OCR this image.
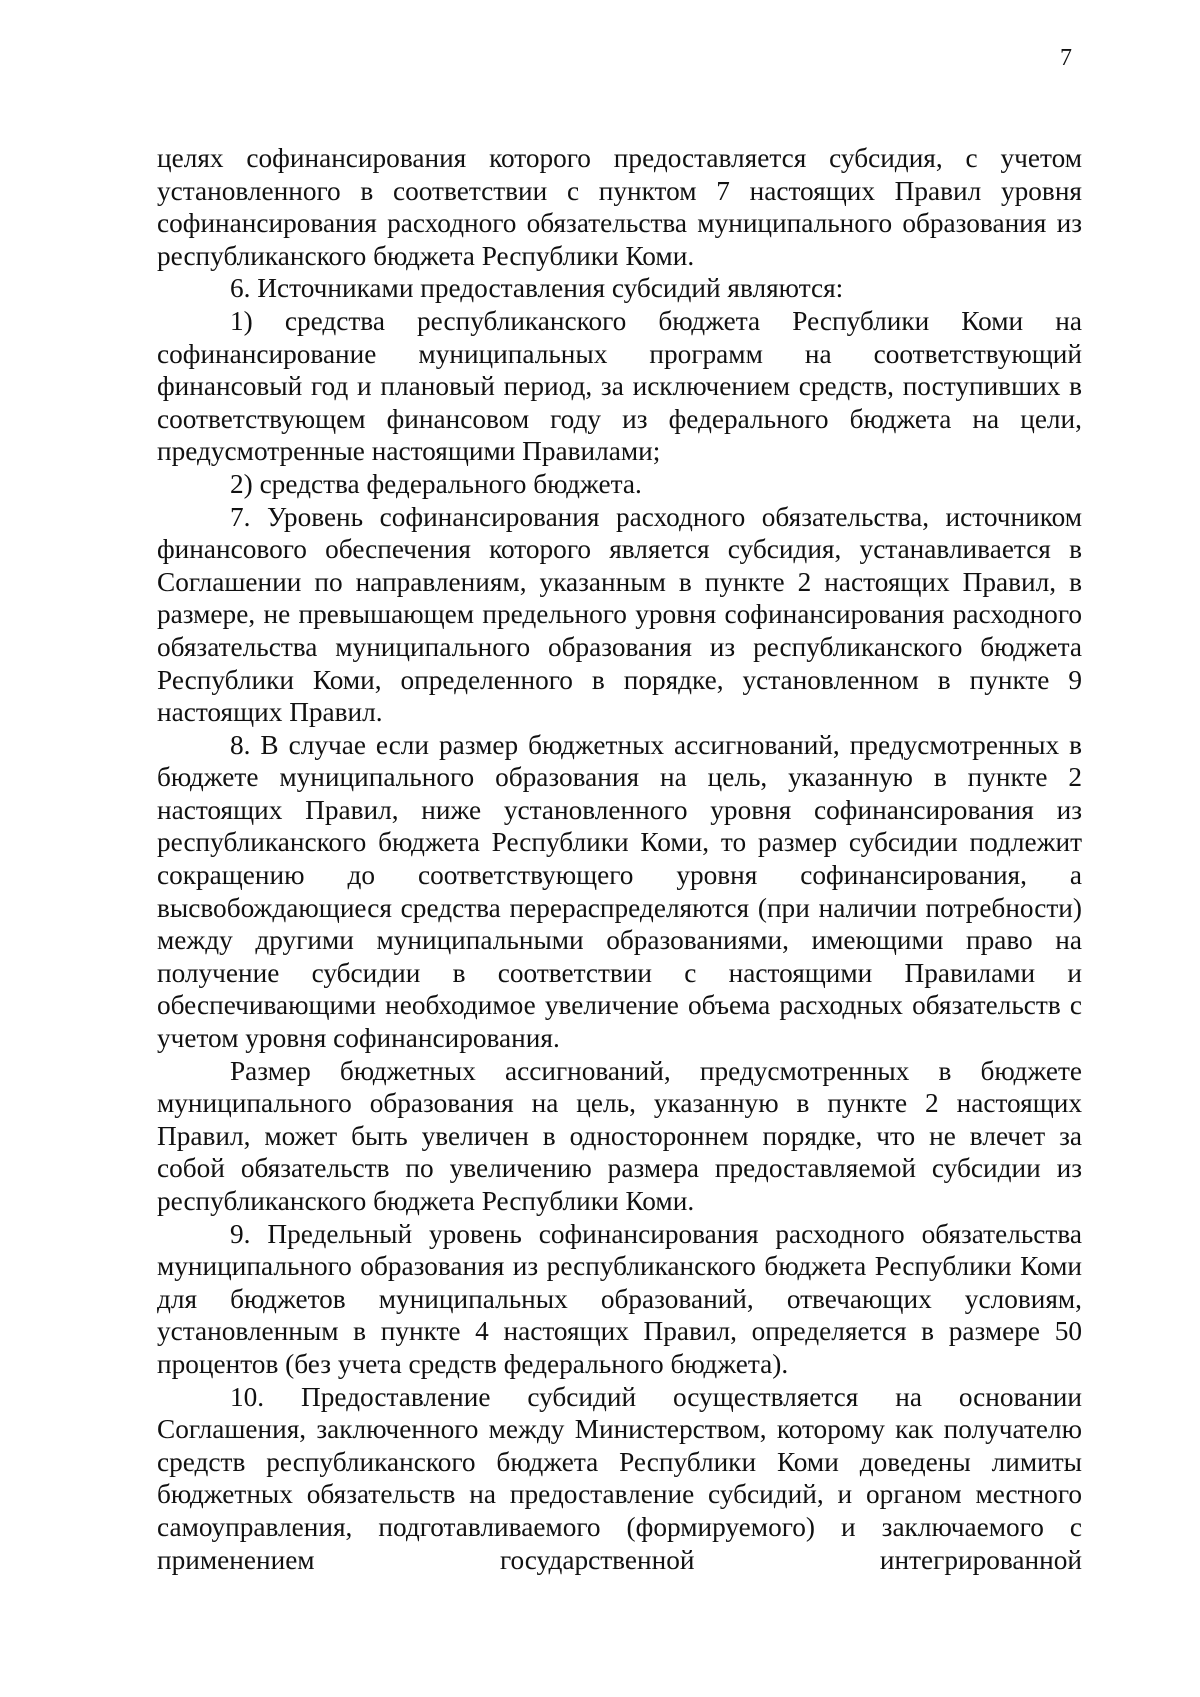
7

целях софинансирования которого предоставляется субсидия, с учетом установленного в соответствии с пунктом 7 настоящих Правил уровня софинансирования расходного обязательства муниципального образования из республиканского бюджета Республики Коми.

6. Источниками предоставления субсидий являются:

1) средства республиканского бюджета Республики Коми на софинансирование муниципальных программ на соответствующий финансовый год и плановый период, за исключением средств, поступивших в соответствующем финансовом году из федерального бюджета на цели, предусмотренные настоящими Правилами;

2) средства федерального бюджета.

7. Уровень софинансирования расходного обязательства, источником финансового обеспечения которого является субсидия, устанавливается в Соглашении по направлениям, указанным в пункте 2 настоящих Правил, в размере, не превышающем предельного уровня софинансирования расходного обязательства муниципального образования из республиканского бюджета Республики Коми, определенного в порядке, установленном в пункте 9 настоящих Правил.

8. В случае если размер бюджетных ассигнований, предусмотренных в бюджете муниципального образования на цель, указанную в пункте 2 настоящих Правил, ниже установленного уровня софинансирования из республиканского бюджета Республики Коми, то размер субсидии подлежит сокращению до соответствующего уровня софинансирования, а высвобождающиеся средства перераспределяются (при наличии потребности) между другими муниципальными образованиями, имеющими право на получение субсидии в соответствии с настоящими Правилами и обеспечивающими необходимое увеличение объема расходных обязательств с учетом уровня софинансирования.

Размер бюджетных ассигнований, предусмотренных в бюджете муниципального образования на цель, указанную в пункте 2 настоящих Правил, может быть увеличен в одностороннем порядке, что не влечет за собой обязательств по увеличению размера предоставляемой субсидии из республиканского бюджета Республики Коми.

9. Предельный уровень софинансирования расходного обязательства муниципального образования из республиканского бюджета Республики Коми для бюджетов муниципальных образований, отвечающих условиям, установленным в пункте 4 настоящих Правил, определяется в размере 50 процентов (без учета средств федерального бюджета).

10. Предоставление субсидий осуществляется на основании Соглашения, заключенного между Министерством, которому как получателю средств республиканского бюджета Республики Коми доведены лимиты бюджетных обязательств на предоставление субсидий, и органом местного самоуправления, подготавливаемого (формируемого) и заключаемого с применением государственной интегрированной
